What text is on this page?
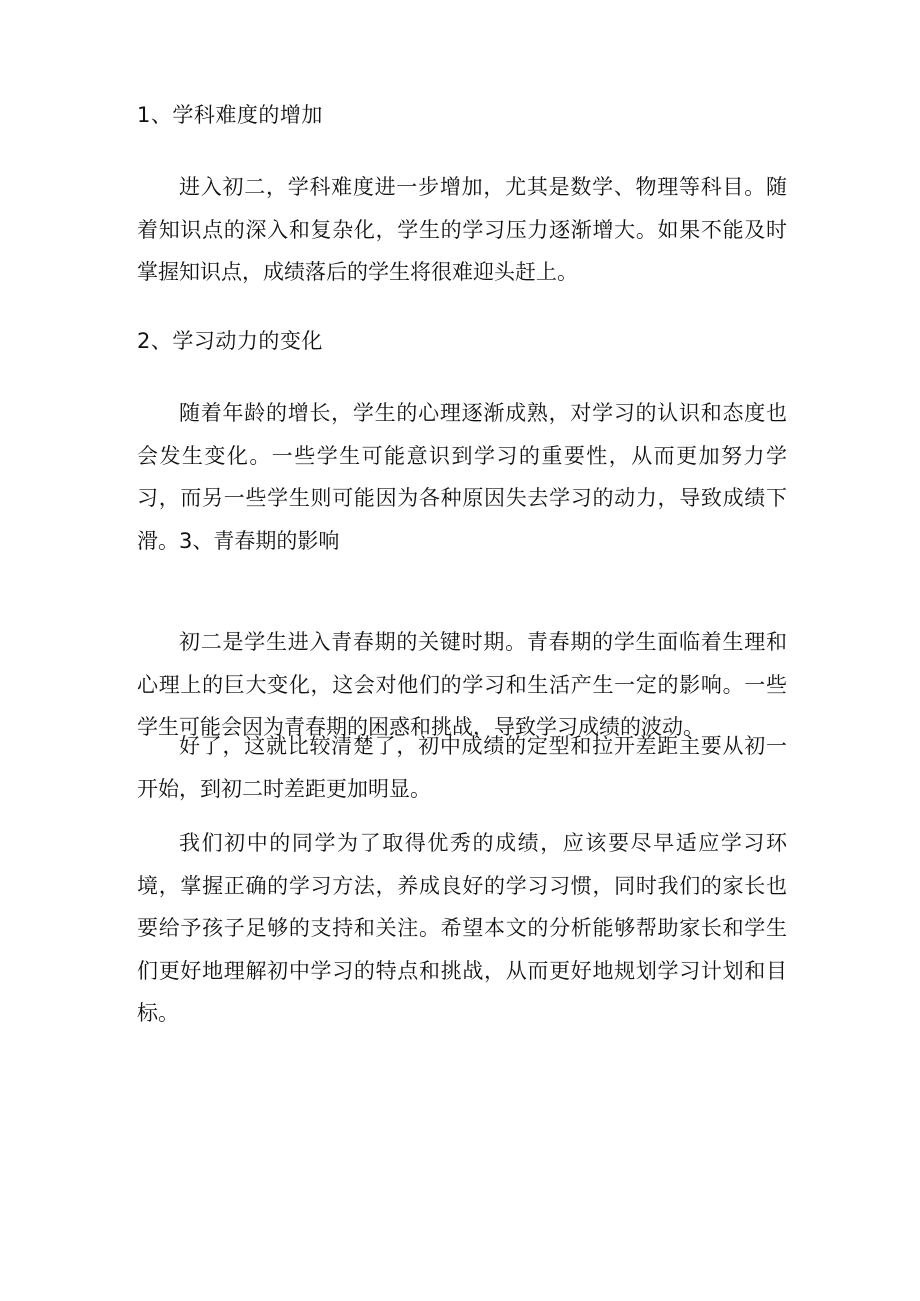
1、学科难度的增加

进入初二，学科难度进一步增加，尤其是数学、物理等科目。随着知识点的深入和复杂化，学生的学习压力逐渐增大。如果不能及时掌握知识点，成绩落后的学生将很难迎头赶上。

2、学习动力的变化

随着年龄的增长，学生的心理逐渐成熟，对学习的认识和态度也会发生变化。一些学生可能意识到学习的重要性，从而更加努力学习，而另一些学生则可能因为各种原因失去学习的动力，导致成绩下滑。3、青春期的影响

初二是学生进入青春期的关键时期。青春期的学生面临着生理和心理上的巨大变化，这会对他们的学习和生活产生一定的影响。一些学生可能会因为青春期的困惑和挑战，导致学习成绩的波动。

好了，这就比较清楚了，初中成绩的定型和拉开差距主要从初一开始，到初二时差距更加明显。

我们初中的同学为了取得优秀的成绩，应该要尽早适应学习环境，掌握正确的学习方法，养成良好的学习习惯，同时我们的家长也要给予孩子足够的支持和关注。希望本文的分析能够帮助家长和学生们更好地理解初中学习的特点和挑战，从而更好地规划学习计划和目标。
